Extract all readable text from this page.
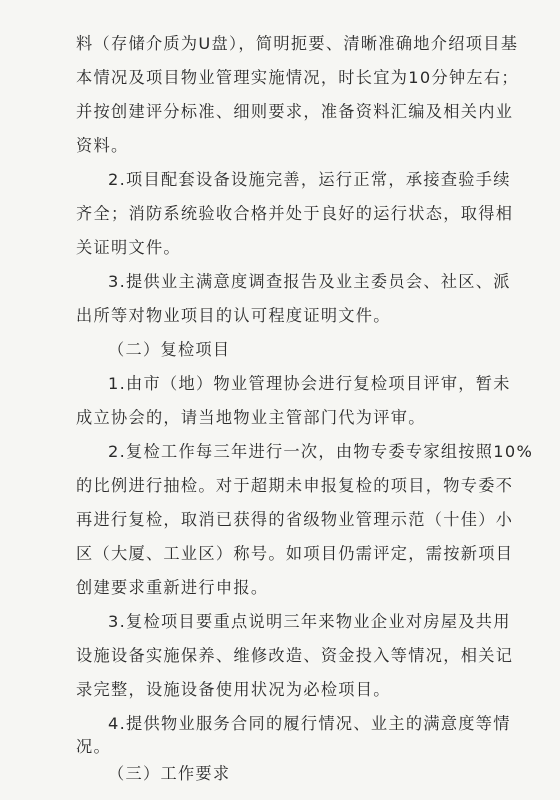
料（存储介质为U盘），简明扼要、清晰准确地介绍项目基
本情况及项目物业管理实施情况，时长宜为10分钟左右；
并按创建评分标准、细则要求，准备资料汇编及相关内业
资料。
2.项目配套设备设施完善，运行正常，承接查验手续
齐全；消防系统验收合格并处于良好的运行状态，取得相
关证明文件。
3.提供业主满意度调查报告及业主委员会、社区、派
出所等对物业项目的认可程度证明文件。
（二）复检项目
1.由市（地）物业管理协会进行复检项目评审，暂未
成立协会的，请当地物业主管部门代为评审。
2.复检工作每三年进行一次，由物专委专家组按照10%
的比例进行抽检。对于超期未申报复检的项目，物专委不
再进行复检，取消已获得的省级物业管理示范（十佳）小
区（大厦、工业区）称号。如项目仍需评定，需按新项目
创建要求重新进行申报。
3.复检项目要重点说明三年来物业企业对房屋及共用
设施设备实施保养、维修改造、资金投入等情况，相关记
录完整，设施设备使用状况为必检项目。
4.提供物业服务合同的履行情况、业主的满意度等情
况。
（三）工作要求
